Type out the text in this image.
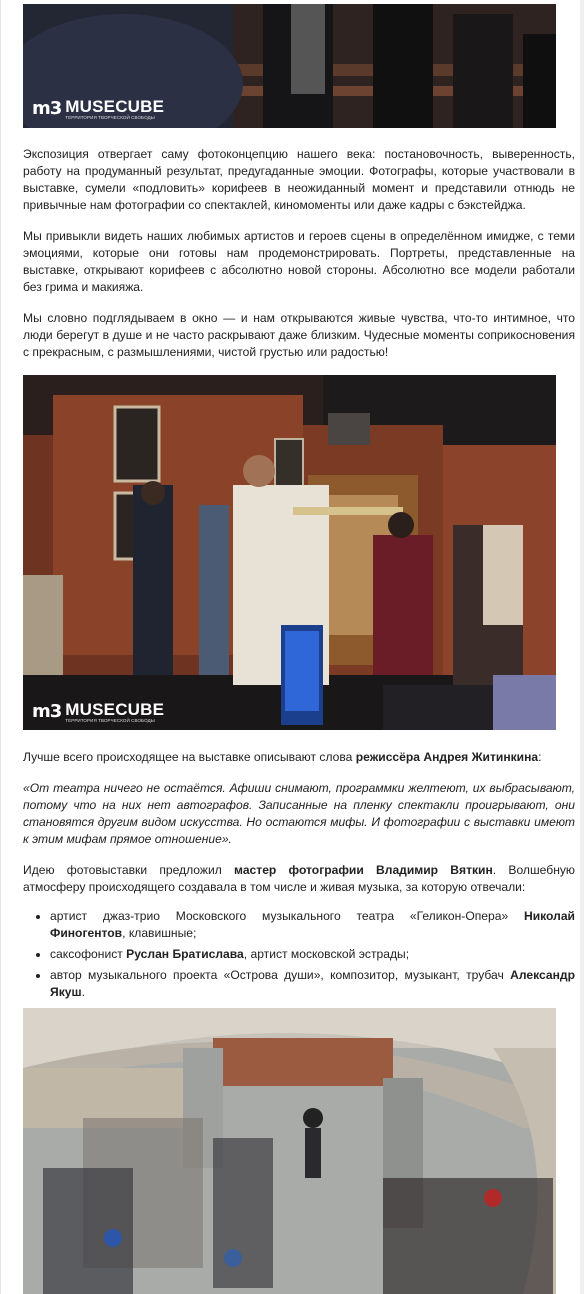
m3 MUSECUBE
ТЕРРИТОРИЯ ТВОРЧЕСКОЙ СВОБОДЫ

Экспозиция отвергает саму фотоконцепцию нашего века: постановочность, выверенность, работу на продуманный результат, предугаданные эмоции. Фотографы, которые участвовали в выставке, сумели «подловить» корифеев в неожиданный момент и представили отнюдь не привычные нам фотографии со спектаклей, киномоменты или даже кадры с бэкстейджа.

Мы привыкли видеть наших любимых артистов и героев сцены в определённом имидже, с теми эмоциями, которые они готовы нам продемонстрировать. Портреты, представленные на выставке, открывают корифеев с абсолютно новой стороны. Абсолютно все модели работали без грима и макияжа.

Мы словно подглядываем в окно — и нам открываются живые чувства, что-то интимное, что люди берегут в душе и не часто раскрывают даже близким. Чудесные моменты соприкосновения с прекрасным, с размышлениями, чистой грустью или радостью!

m3 MUSECUBE
ТЕРРИТОРИЯ ТВОРЧЕСКОЙ СВОБОДЫ

Лучше всего происходящее на выставке описывают слова режиссёра Андрея Житинкина:

«От театра ничего не остаётся. Афиши снимают, программки желтеют, их выбрасывают, потому что на них нет автографов. Записанные на пленку спектакли проигрывают, они становятся другим видом искусства. Но остаются мифы. И фотографии с выставки имеют к этим мифам прямое отношение».

Идею фотовыставки предложил мастер фотографии Владимир Вяткин. Волшебную атмосферу происходящего создавала в том числе и живая музыка, за которую отвечали:

• артист джаз-трио Московского музыкального театра «Геликон-Опера» Николай Финогентов, клавишные;
• саксофонист Руслан Братислава, артист московской эстрады;
• автор музыкального проекта «Острова души», композитор, музыкант, трубач Александр Якуш.
